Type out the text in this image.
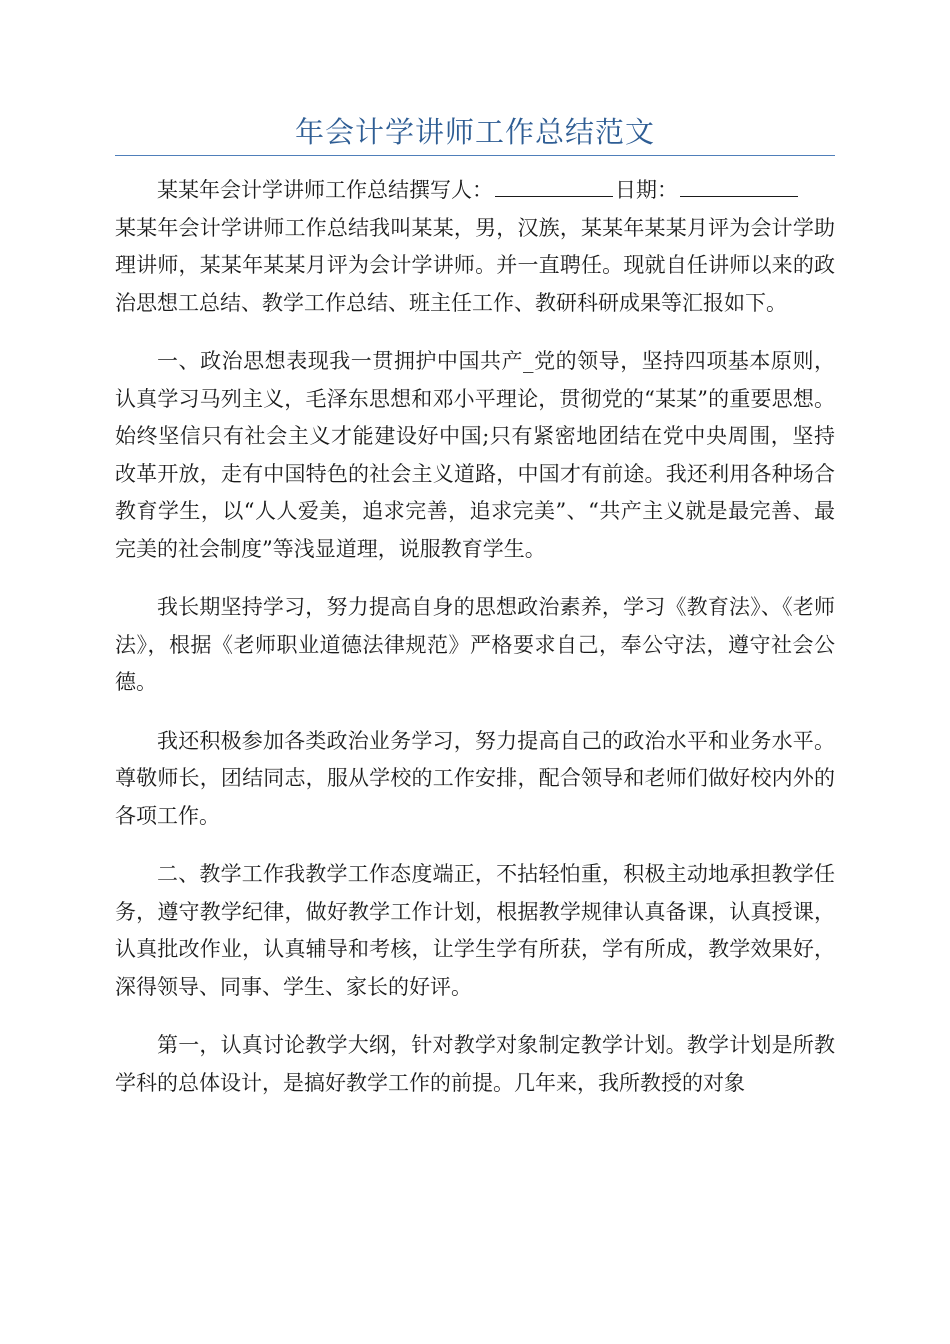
年会计学讲师工作总结范文

某某年会计学讲师工作总结撰写人：	日期：

某某年会计学讲师工作总结我叫某某，男，汉族，某某年某某月评为会计学助理讲师，某某年某某月评为会计学讲师。并一直聘任。现就自任讲师以来的政治思想工总结、教学工作总结、班主任工作、教研科研成果等汇报如下。

一、政治思想表现我一贯拥护中国共产_党的领导，坚持四项基本原则，认真学习马列主义，毛泽东思想和邓小平理论，贯彻党的“某某”的重要思想。始终坚信只有社会主义才能建设好中国;只有紧密地团结在党中央周围，坚持改革开放，走有中国特色的社会主义道路，中国才有前途。我还利用各种场合教育学生，以“人人爱美，追求完善，追求完美”、“共产主义就是最完善、最完美的社会制度”等浅显道理，说服教育学生。

我长期坚持学习，努力提高自身的思想政治素养，学习《教育法》、《老师法》，根据《老师职业道德法律规范》严格要求自己，奉公守法，遵守社会公德。

我还积极参加各类政治业务学习，努力提高自己的政治水平和业务水平。尊敬师长，团结同志，服从学校的工作安排，配合领导和老师们做好校内外的各项工作。

二、教学工作我教学工作态度端正，不拈轻怕重，积极主动地承担教学任务，遵守教学纪律，做好教学工作计划，根据教学规律认真备课，认真授课，认真批改作业，认真辅导和考核，让学生学有所获，学有所成，教学效果好，深得领导、同事、学生、家长的好评。

第一，认真讨论教学大纲，针对教学对象制定教学计划。教学计划是所教学科的总体设计，是搞好教学工作的前提。几年来，我所教授的对象
